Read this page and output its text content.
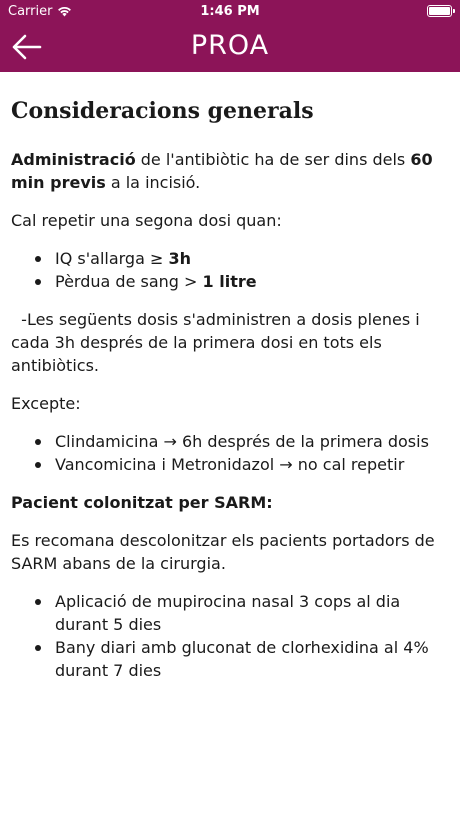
Carrier	1:46 PM
PROA
Consideracions generals

Administració de l'antibiòtic ha de ser dins dels 60 min previs a la incisió.

Cal repetir una segona dosi quan:

IQ s'allarga ≥ 3h
Pèrdua de sang > 1 litre

-Les següents dosis s'administren a dosis plenes i cada 3h després de la primera dosi en tots els antibiòtics.

Excepte:

Clindamicina → 6h després de la primera dosis
Vancomicina i Metronidazol → no cal repetir

Pacient colonitzat per SARM:

Es recomana descolonitzar els pacients portadors de SARM abans de la cirurgia.

Aplicació de mupirocina nasal 3 cops al dia durant 5 dies
Bany diari amb gluconat de clorhexidina al 4% durant 7 dies
